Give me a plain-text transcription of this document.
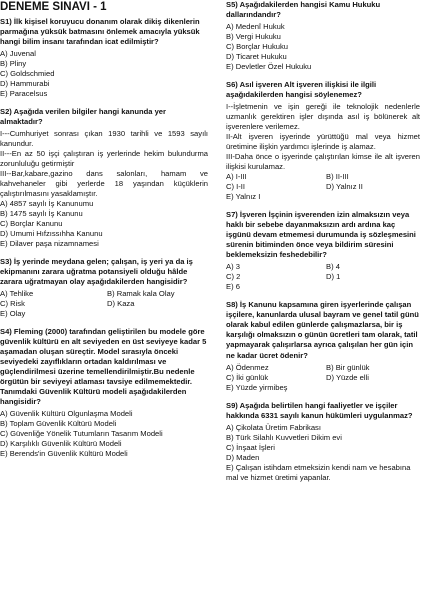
DENEME SINAVI - 1
S1) İlk kişisel koruyucu donanım olarak dikiş dikenlerin parmağına yüksük batmasını önlemek amacıyla yüksük hangi bilim insanı tarafından icat edilmiştir?
A) Juvenal
B) Pliny
C) Goldschmied
D) Hammurabi
E) Paracelsus
S2) Aşağıda verilen bilgiler hangi kanunda yer almaktadır?
I---Cumhuriyet sonrası çıkan 1930 tarihli ve 1593 sayılı kanundur.
II---En az 50 işçi çalıştıran iş yerlerinde hekim bulundurma zorunluluğu getirmiştir
III--Bar,kabare,gazino dans salonları, hamam ve kahvehaneler gibi yerlerde 18 yaşından küçüklerin çalıştırılmasını yasaklamıştır.
A) 4857 sayılı İş Kanunumu
B) 1475 sayılı İş Kanunu
C) Borçlar Kanunu
D) Umumi Hıfzıssıhha Kanunu
E) Dilaver paşa nizamnamesi
S3) İş yerinde meydana gelen; çalışan, iş yeri ya da iş ekipmanını zarara uğratma potansiyeli olduğu hâlde zarara uğratmayan olay aşağıdakilerden hangisidir?
A) Tehlike	B) Ramak kala Olay
C) Risk	D) Kaza
E) Olay
S4) Fleming (2000) tarafından geliştirilen bu modele göre güvenlik kültürü en alt seviyeden en üst seviyeye kadar 5 aşamadan oluşan süreçtir. Model sırasıyla önceki seviyedeki zayıflıkların ortadan kaldırılması ve güçlendirilmesi üzerine temellendirilmiştir.Bu nedenle örgütün bir seviyeyi atlaması tavsiye edilmemektedir. Tanımdaki Güvenlik Kültürü modeli aşağıdakilerden hangisidir?
A) Güvenlik Kültürü Olgunlaşma Modeli
B) Toplam Güvenlik Kültürü Modeli
C) Güvenliğe Yönelik Tutumların Tasarım Modeli
D) Karşılıklı Güvenlik Kültürü Modeli
E) Berends'in Güvenlik Kültürü Modeli
S5) Aşağıdakilerden hangisi Kamu Hukuku dallarındandır?
A) Medenî Hukuk
B) Vergi Hukuku
C) Borçlar Hukuku
D) Ticaret Hukuku
E) Devletler Özel Hukuku
S6) Asıl işveren Alt işveren ilişkisi ile ilgili aşağıdakilerden hangisi söylenemez?
I--İşletmenin ve işin gereği ile teknolojik nedenlerle uzmanlık gerektiren işler dışında asıl iş bölünerek alt işverenlere verilemez.
II-Alt işveren işyerinde yürüttüğü mal veya hizmet üretimine ilişkin yardımcı işlerinde iş alamaz.
III-Daha önce o işyerinde çalıştırılan kimse ile alt işveren ilişkisi kurulamaz.
A) I-III	B) II-III
C) I-II	D) Yalnız II
E) Yalnız I
S7) İşveren İşçinin işverenden izin almaksızın veya haklı bir sebebe dayanmaksızın ardı ardına kaç işgünü devam etmemesi durumunda iş sözleşmesini sürenin bitiminden önce veya bildirim süresini beklemeksizin feshedebilir?
A) 3	B) 4
C) 2	D) 1
E) 6
S8) İş Kanunu kapsamına giren işyerlerinde çalışan işçilere, kanunlarda ulusal bayram ve genel tatil günü olarak kabul edilen günlerde çalışmazlarsa, bir iş karşılığı olmaksızın o günün ücretleri tam olarak, tatil yapmayarak çalışırlarsa ayrıca çalışılan her gün için ne kadar ücret ödenir?
A) Ödenmez	B) Bir günlük
C) İki günlük	D) Yüzde elli
E) Yüzde yirmibeş
S9) Aşağıda belirtilen hangi faaliyetler ve işçiler hakkında 6331 sayılı kanun hükümleri uygulanmaz?
A) Çikolata Üretim Fabrikası
B) Türk Silahlı Kuvvetleri Dikim evi
C) İnşaat İşleri
D) Maden
E) Çalışan istihdam etmeksizin kendi nam ve hesabına mal ve hizmet üretimi yapanlar.
